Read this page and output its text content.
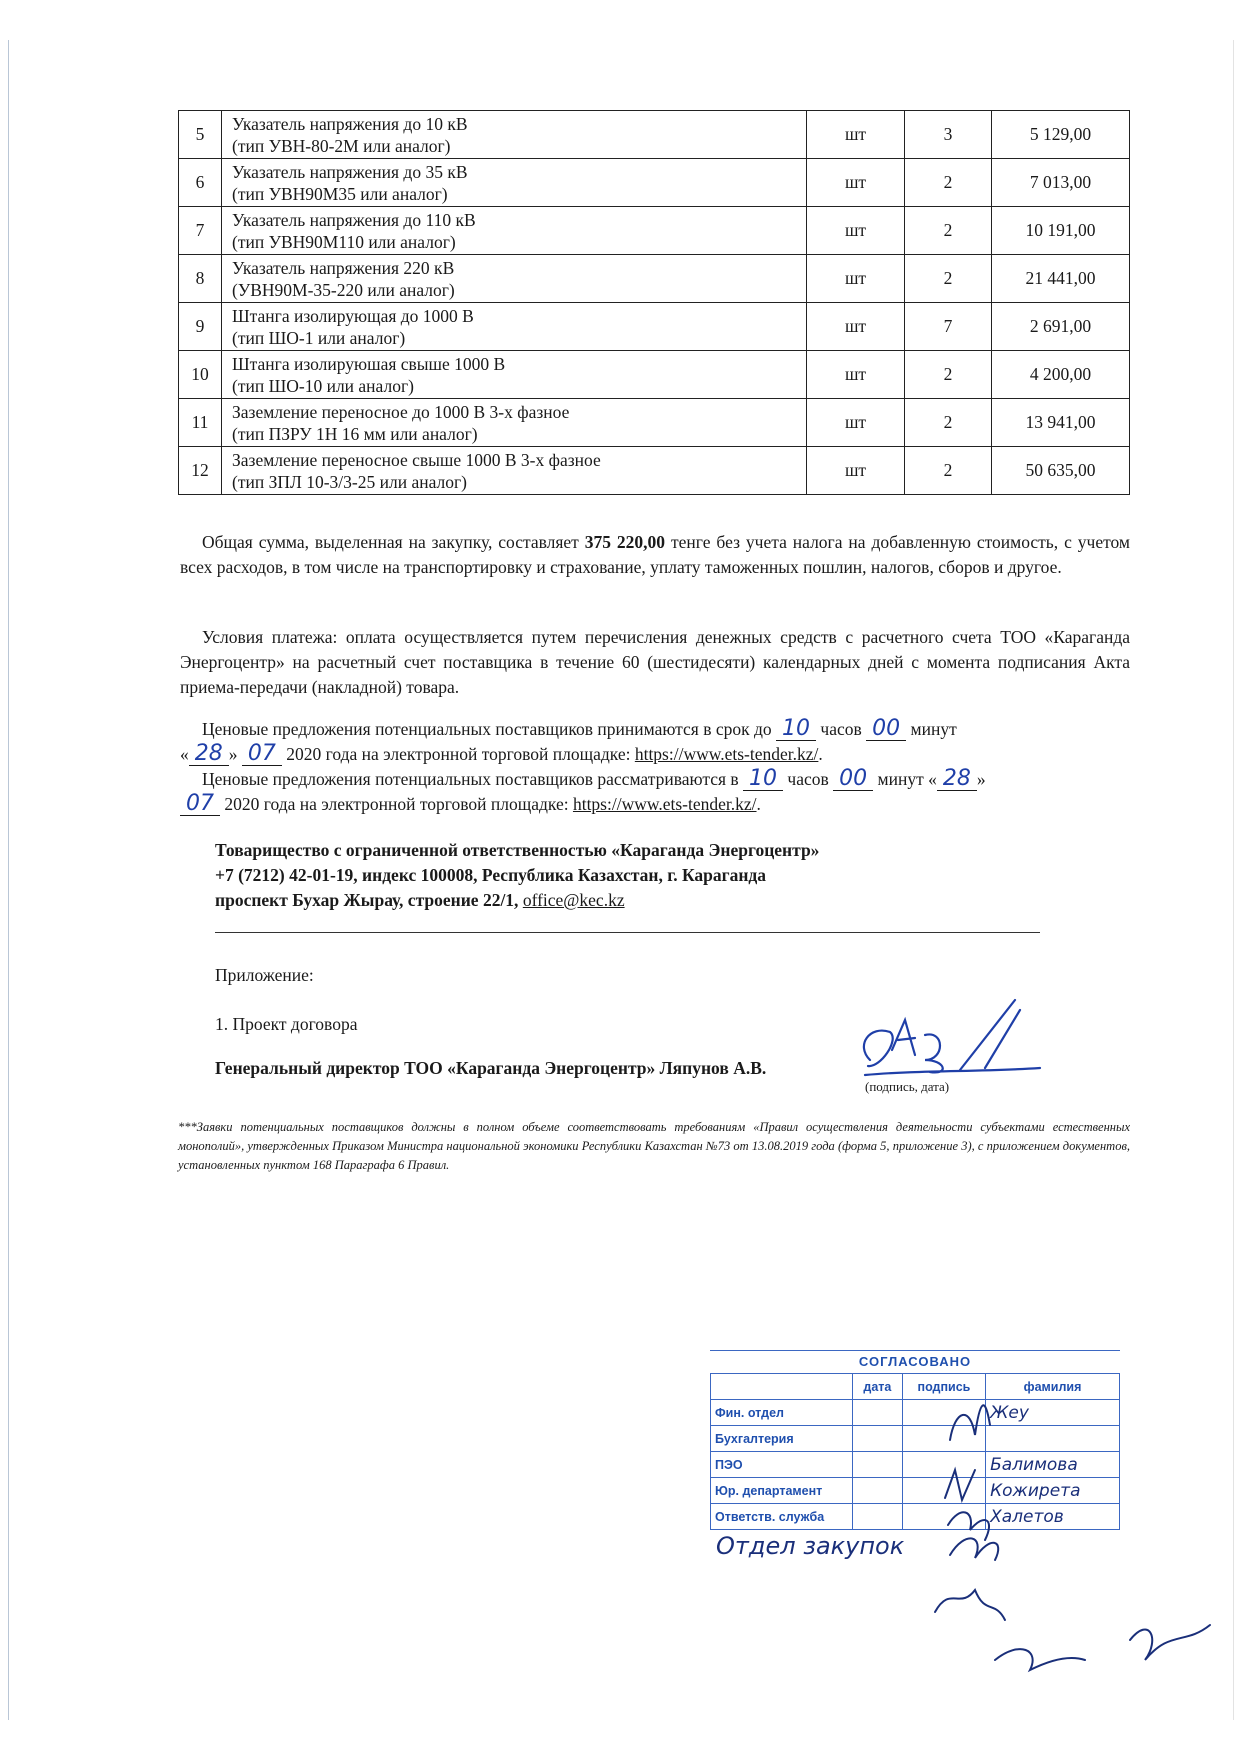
5	Указатель напряжения до 10 кВ
(тип УВН-80-2М или аналог)	шт	3	5 129,00
6	Указатель напряжения до 35 кВ
(тип УВН90М35 или аналог)	шт	2	7 013,00
7	Указатель напряжения до 110 кВ
(тип УВН90М110 или аналог)	шт	2	10 191,00
8	Указатель напряжения 220 кВ
(УВН90М-35-220 или аналог)	шт	2	21 441,00
9	Штанга изолирующая до 1000 В
(тип ШО-1 или аналог)	шт	7	2 691,00
10	Штанга изолируюшая свыше 1000 В
(тип ШО-10 или аналог)	шт	2	4 200,00
11	Заземление переносное до 1000 В 3-х фазное
(тип ПЗРУ 1Н 16 мм или аналог)	шт	2	13 941,00
12	Заземление переносное свыше 1000 В 3-х фазное
(тип ЗПЛ 10-3/3-25 или аналог)	шт	2	50 635,00

Общая сумма, выделенная на закупку, составляет 375 220,00 тенге без учета налога на добавленную стоимость, с учетом всех расходов, в том числе на транспортировку и страхование, уплату таможенных пошлин, налогов, сборов и другое.

Условия платежа: оплата осуществляется путем перечисления денежных средств с расчетного счета ТОО «Караганда Энергоцентр» на расчетный счет поставщика в течение 60 (шестидесяти) календарных дней с момента подписания Акта приема-передачи (накладной) товара.

Ценовые предложения потенциальных поставщиков принимаются в срок до 10 часов 00 минут
« 28 » 07 2020 года на электронной торговой площадке: https://www.ets-tender.kz/.

Ценовые предложения потенциальных поставщиков рассматриваются в 10 часов 00 минут « 28 »
07 2020 года на электронной торговой площадке: https://www.ets-tender.kz/.

Товарищество с ограниченной ответственностью «Караганда Энергоцентр»
+7 (7212) 42-01-19, индекс 100008, Республика Казахстан, г. Караганда
проспект Бухар Жырау, строение 22/1, office@kec.kz
Приложение:
1. Проект договора
Генеральный директор ТОО «Караганда Энергоцентр» Ляпунов А.В.
(подпись, дата)

***Заявки потенциальных поставщиков должны в полном объеме соответствовать требованиям «Правил осуществления деятельности субъектами естественных монополий», утвержденных Приказом Министра национальной экономики Республики Казахстан №73 от 13.08.2019 года (форма 5, приложение 3), с приложением документов, установленных пунктом 168 Параграфа 6 Правил.

СОГЛАСОВАНО
	дата	подпись	фамилия
Фин. отдел			Жеу
Бухгалтерия			
ПЭО			Балимова
Юр. департамент			Кожирета
Ответств. служба			Халетов
Отдел закупок
